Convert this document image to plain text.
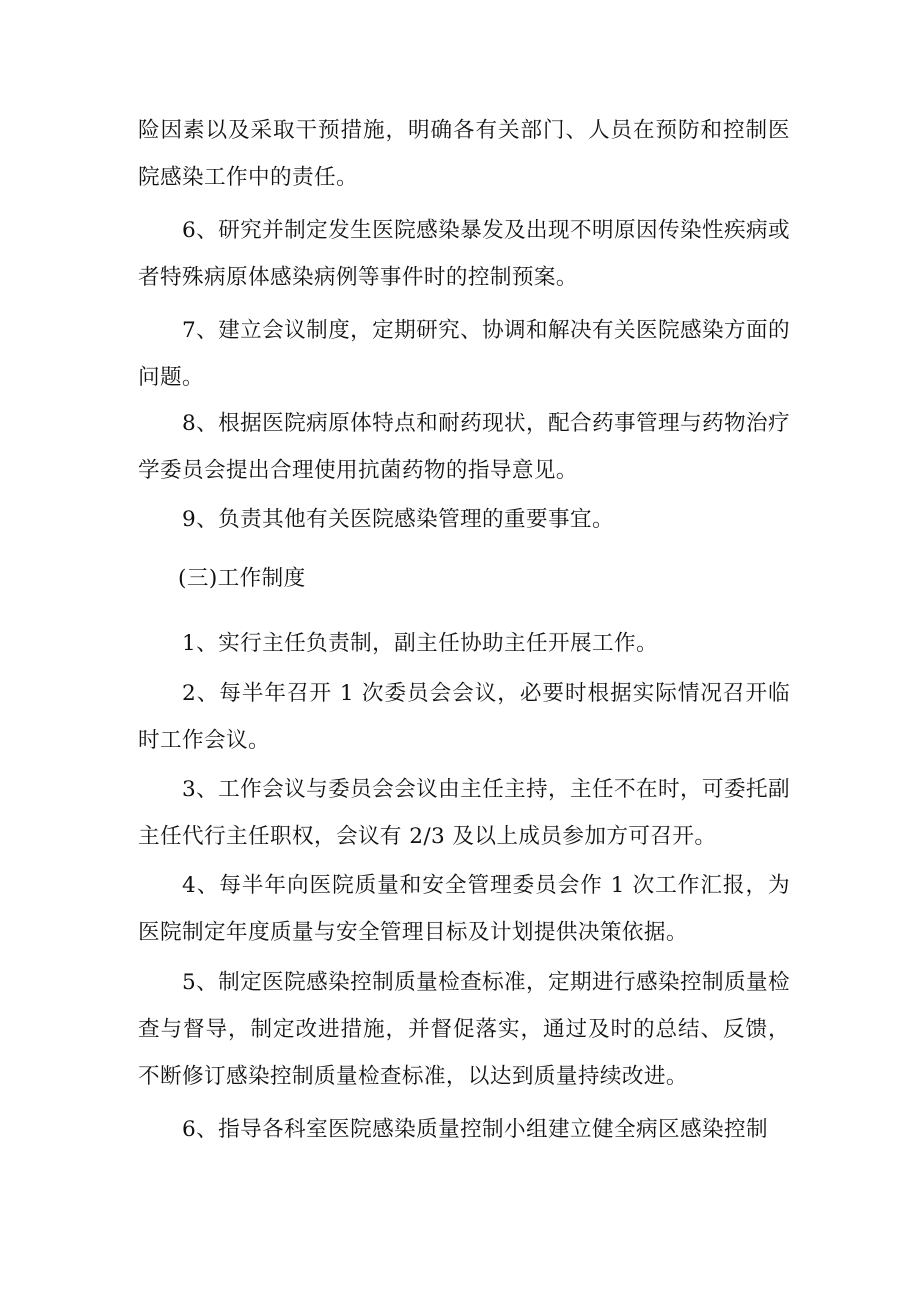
险因素以及采取干预措施，明确各有关部门、人员在预防和控制医院感染工作中的责任。

6、研究并制定发生医院感染暴发及出现不明原因传染性疾病或者特殊病原体感染病例等事件时的控制预案。

7、建立会议制度，定期研究、协调和解决有关医院感染方面的问题。

8、根据医院病原体特点和耐药现状，配合药事管理与药物治疗学委员会提出合理使用抗菌药物的指导意见。

9、负责其他有关医院感染管理的重要事宜。

(三)工作制度

1、实行主任负责制，副主任协助主任开展工作。

2、每半年召开 1 次委员会会议，必要时根据实际情况召开临时工作会议。

3、工作会议与委员会会议由主任主持，主任不在时，可委托副主任代行主任职权，会议有 2/3 及以上成员参加方可召开。

4、每半年向医院质量和安全管理委员会作 1 次工作汇报，为医院制定年度质量与安全管理目标及计划提供决策依据。

5、制定医院感染控制质量检查标准，定期进行感染控制质量检查与督导，制定改进措施，并督促落实，通过及时的总结、反馈，不断修订感染控制质量检查标准，以达到质量持续改进。

6、指导各科室医院感染质量控制小组建立健全病区感染控制
